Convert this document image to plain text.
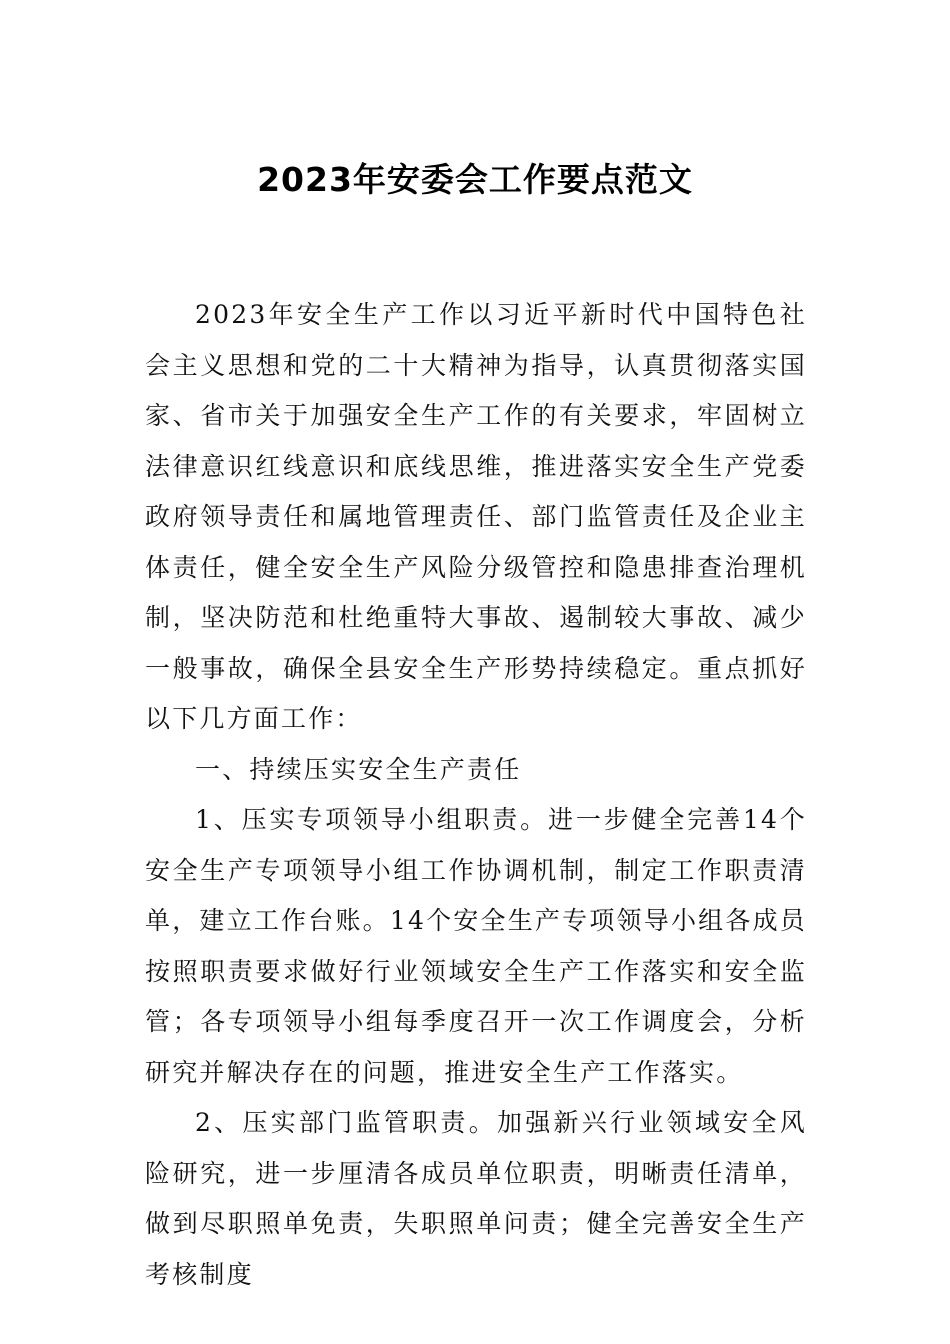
2023年安委会工作要点范文

2023年安全生产工作以习近平新时代中国特色社会主义思想和党的二十大精神为指导，认真贯彻落实国家、省市关于加强安全生产工作的有关要求，牢固树立法律意识红线意识和底线思维，推进落实安全生产党委政府领导责任和属地管理责任、部门监管责任及企业主体责任，健全安全生产风险分级管控和隐患排查治理机制，坚决防范和杜绝重特大事故、遏制较大事故、减少一般事故，确保全县安全生产形势持续稳定。重点抓好以下几方面工作：

一、持续压实安全生产责任

1、压实专项领导小组职责。进一步健全完善14个安全生产专项领导小组工作协调机制，制定工作职责清单，建立工作台账。14个安全生产专项领导小组各成员按照职责要求做好行业领域安全生产工作落实和安全监管；各专项领导小组每季度召开一次工作调度会，分析研究并解决存在的问题，推进安全生产工作落实。

2、压实部门监管职责。加强新兴行业领域安全风险研究，进一步厘清各成员单位职责，明晰责任清单，做到尽职照单免责，失职照单问责；健全完善安全生产考核制度
